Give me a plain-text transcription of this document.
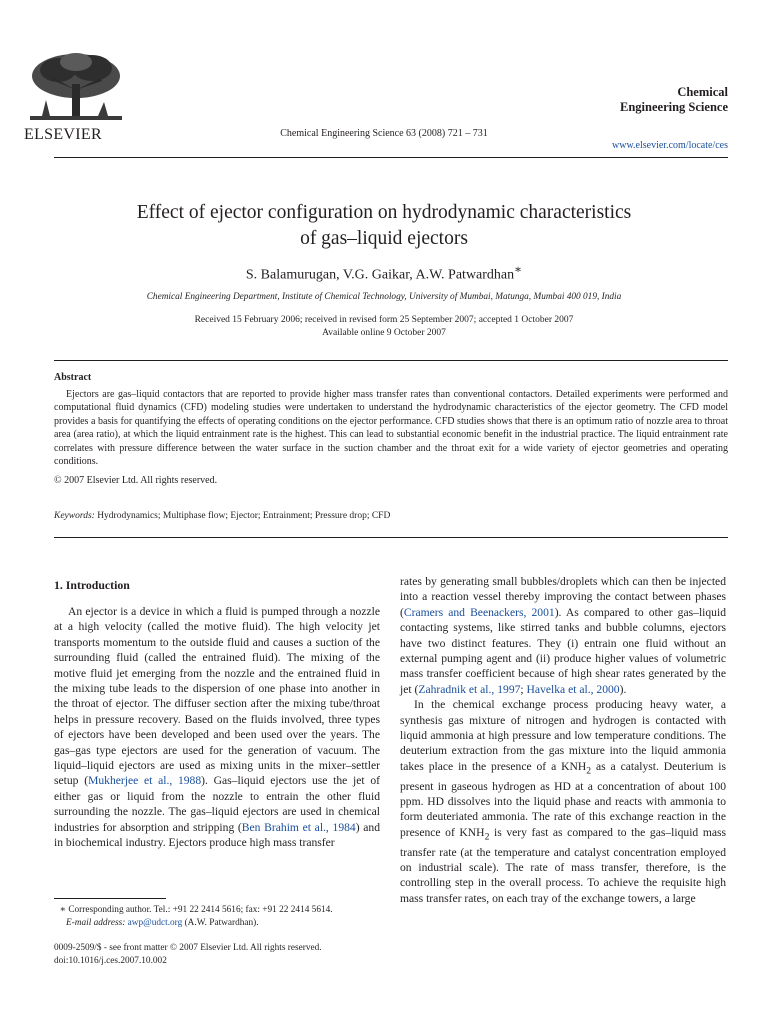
ELSEVIER	Chemical Engineering Science 63 (2008) 721 – 731
Chemical
Engineering Science
www.elsevier.com/locate/ces
Effect of ejector configuration on hydrodynamic characteristics
of gas–liquid ejectors
S. Balamurugan, V.G. Gaikar, A.W. Patwardhan∗
Chemical Engineering Department, Institute of Chemical Technology, University of Mumbai, Matunga, Mumbai 400 019, India
Received 15 February 2006; received in revised form 25 September 2007; accepted 1 October 2007
Available online 9 October 2007
Abstract
Ejectors are gas–liquid contactors that are reported to provide higher mass transfer rates than conventional contactors. Detailed experiments were performed and computational fluid dynamics (CFD) modeling studies were undertaken to understand the hydrodynamic characteristics of the ejector geometry. The CFD model provides a basis for quantifying the effects of operating conditions on the ejector performance. CFD studies shows that there is an optimum ratio of nozzle area to throat area (area ratio), at which the liquid entrainment rate is the highest. This can lead to substantial economic benefit in the industrial practice. The liquid entrainment rate correlates with pressure difference between the water surface in the suction chamber and the throat exit for a wide variety of ejector geometries and operating conditions.
© 2007 Elsevier Ltd. All rights reserved.
Keywords: Hydrodynamics; Multiphase flow; Ejector; Entrainment; Pressure drop; CFD
1. Introduction

An ejector is a device in which a fluid is pumped through a nozzle at a high velocity (called the motive fluid). The high velocity jet transports momentum to the outside fluid and causes a suction of the surrounding fluid (called the entrained fluid). The mixing of the motive fluid jet emerging from the nozzle and the entrained fluid in the mixing tube leads to the dispersion of one phase into another in the throat of ejector. The diffuser section after the mixing tube/throat helps in pressure recovery. Based on the fluids involved, three types of ejectors have been developed and been used over the years. The gas–gas type ejectors are used for the generation of vacuum. The liquid–liquid ejectors are used as mixing units in the mixer–settler setup (Mukherjee et al., 1988). Gas–liquid ejectors use the jet of either gas or liquid from the nozzle to entrain the other fluid surrounding the nozzle. The gas–liquid ejectors are used in chemical industries for absorption and stripping (Ben Brahim et al., 1984) and in biochemical industry. Ejectors produce high mass transfer

rates by generating small bubbles/droplets which can then be injected into a reaction vessel thereby improving the contact between phases (Cramers and Beenackers, 2001). As compared to other gas–liquid contacting systems, like stirred tanks and bubble columns, ejectors have two distinct features. They (i) entrain one fluid without an external pumping agent and (ii) produce higher values of volumetric mass transfer coefficient because of high shear rates generated by the jet (Zahradnik et al., 1997; Havelka et al., 2000).

In the chemical exchange process producing heavy water, a synthesis gas mixture of nitrogen and hydrogen is contacted with liquid ammonia at high pressure and low temperature conditions. The deuterium extraction from the gas mixture into the liquid ammonia takes place in the presence of a $KNH_2$ as a catalyst. Deuterium is present in gaseous hydrogen as HD at a concentration of about 100 ppm. HD dissolves into the liquid phase and reacts with ammonia to form deuteriated ammonia. The rate of this exchange reaction in the presence of $KNH_2$ is very fast as compared to the gas–liquid mass transfer rate (at the temperature and catalyst concentration employed on industrial scale). The rate of mass transfer, therefore, is the controlling step in the overall process. To achieve the requisite high mass transfer rates, on each tray of the exchange towers, a large

∗ Corresponding author. Tel.: +91 22 2414 5616; fax: +91 22 2414 5614.
E-mail address: awp@udct.org (A.W. Patwardhan).
0009-2509/$ - see front matter © 2007 Elsevier Ltd. All rights reserved.
doi:10.1016/j.ces.2007.10.002
